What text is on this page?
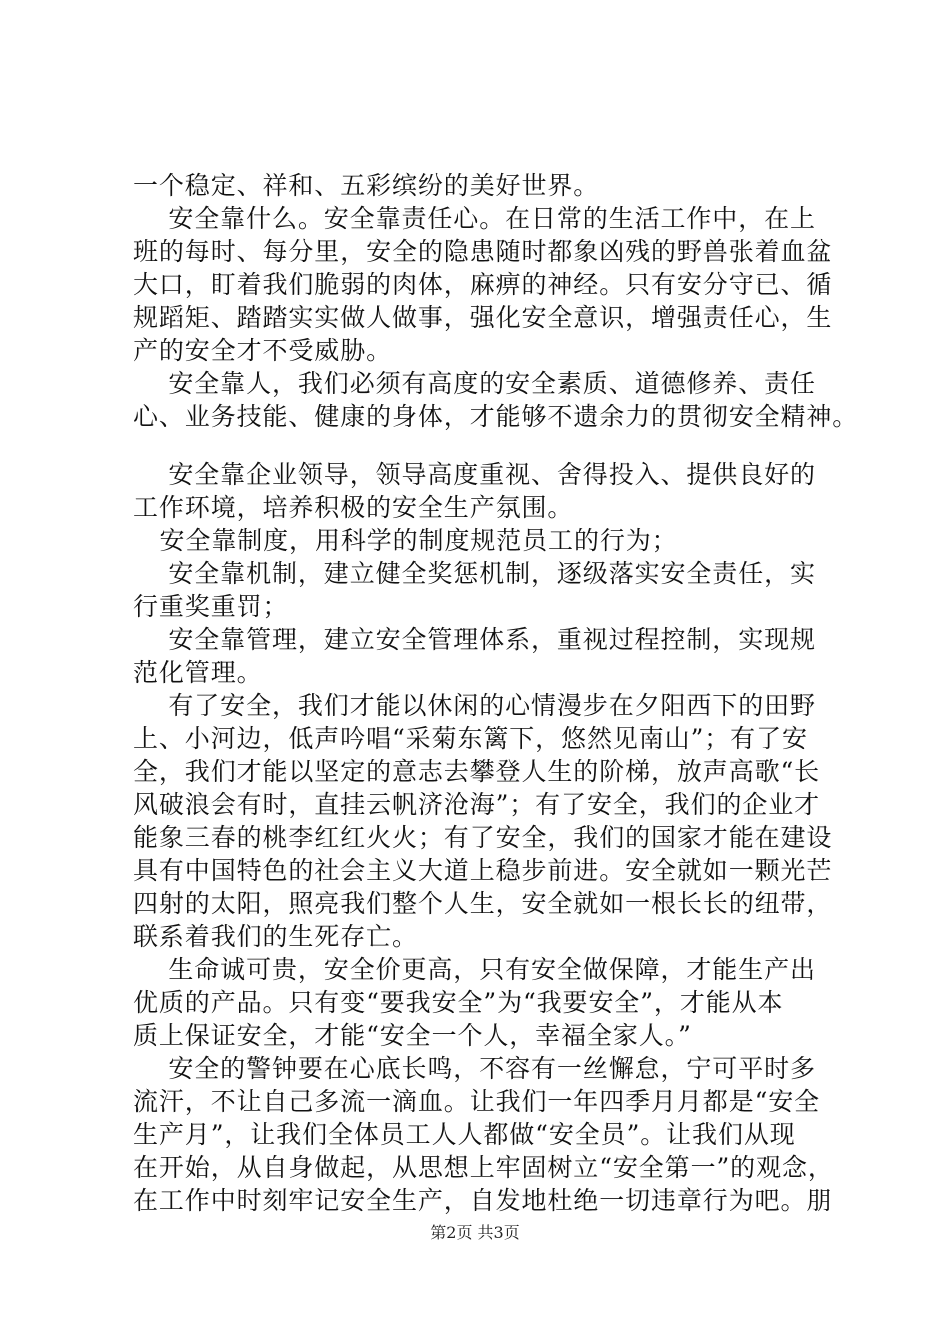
一个稳定、祥和、五彩缤纷的美好世界。
安全靠什么。安全靠责任心。在日常的生活工作中，在上
班的每时、每分里，安全的隐患随时都象凶残的野兽张着血盆
大口，盯着我们脆弱的肉体，麻痹的神经。只有安分守已、循
规蹈矩、踏踏实实做人做事，强化安全意识，增强责任心，生
产的安全才不受威胁。
安全靠人，我们必须有高度的安全素质、道德修养、责任
心、业务技能、健康的身体，才能够不遗余力的贯彻安全精神。
安全靠企业领导，领导高度重视、舍得投入、提供良好的
工作环境，培养积极的安全生产氛围。
安全靠制度，用科学的制度规范员工的行为；
安全靠机制，建立健全奖惩机制，逐级落实安全责任，实
行重奖重罚；
安全靠管理，建立安全管理体系，重视过程控制，实现规
范化管理。
有了安全，我们才能以休闲的心情漫步在夕阳西下的田野
上、小河边，低声吟唱“采菊东篱下，悠然见南山”；有了安
全，我们才能以坚定的意志去攀登人生的阶梯，放声高歌“长
风破浪会有时，直挂云帆济沧海”；有了安全，我们的企业才
能象三春的桃李红红火火；有了安全，我们的国家才能在建设
具有中国特色的社会主义大道上稳步前进。安全就如一颗光芒
四射的太阳，照亮我们整个人生，安全就如一根长长的纽带，
联系着我们的生死存亡。
生命诚可贵，安全价更高，只有安全做保障，才能生产出
优质的产品。只有变“要我安全”为“我要安全”，才能从本
质上保证安全，才能“安全一个人，幸福全家人。”
安全的警钟要在心底长鸣，不容有一丝懈怠，宁可平时多
流汗，不让自己多流一滴血。让我们一年四季月月都是“安全
生产月”，让我们全体员工人人都做“安全员”。让我们从现
在开始，从自身做起，从思想上牢固树立“安全第一”的观念，
在工作中时刻牢记安全生产，自发地杜绝一切违章行为吧。朋
第2页 共3页
